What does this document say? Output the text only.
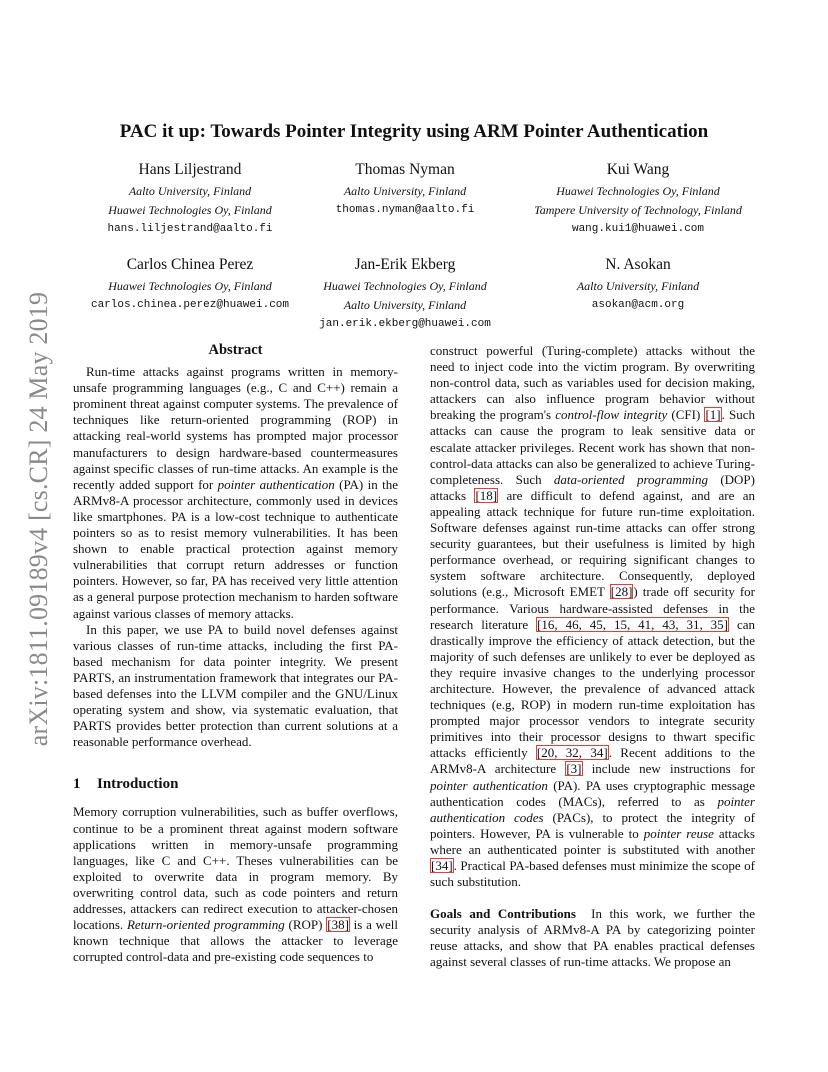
arXiv:1811.09189v4 [cs.CR] 24 May 2019
PAC it up: Towards Pointer Integrity using ARM Pointer Authentication
Hans Liljestrand
Aalto University, Finland
Huawei Technologies Oy, Finland
hans.liljestrand@aalto.fi
Thomas Nyman
Aalto University, Finland
thomas.nyman@aalto.fi
Kui Wang
Huawei Technologies Oy, Finland
Tampere University of Technology, Finland
wang.kui1@huawei.com
Carlos Chinea Perez
Huawei Technologies Oy, Finland
carlos.chinea.perez@huawei.com
Jan-Erik Ekberg
Huawei Technologies Oy, Finland
Aalto University, Finland
jan.erik.ekberg@huawei.com
N. Asokan
Aalto University, Finland
asokan@acm.org

Abstract

Run-time attacks against programs written in memory-unsafe programming languages (e.g., C and C++) remain a prominent threat against computer systems. The prevalence of techniques like return-oriented programming (ROP) in attacking real-world systems has prompted major processor manufacturers to design hardware-based countermeasures against specific classes of run-time attacks. An example is the recently added support for pointer authentication (PA) in the ARMv8-A processor architecture, commonly used in devices like smartphones. PA is a low-cost technique to authenticate pointers so as to resist memory vulnerabilities. It has been shown to enable practical protection against memory vulnerabilities that corrupt return addresses or function pointers. However, so far, PA has received very little attention as a general purpose protection mechanism to harden software against various classes of memory attacks.

In this paper, we use PA to build novel defenses against various classes of run-time attacks, including the first PA-based mechanism for data pointer integrity. We present PARTS, an instrumentation framework that integrates our PA-based defenses into the LLVM compiler and the GNU/Linux operating system and show, via systematic evaluation, that PARTS provides better protection than current solutions at a reasonable performance overhead.

1 Introduction

Memory corruption vulnerabilities, such as buffer overflows, continue to be a prominent threat against modern software applications written in memory-unsafe programming languages, like C and C++. Theses vulnerabilities can be exploited to overwrite data in program memory. By overwriting control data, such as code pointers and return addresses, attackers can redirect execution to attacker-chosen locations. Return-oriented programming (ROP) [38] is a well known technique that allows the attacker to leverage corrupted control-data and pre-existing code sequences to

construct powerful (Turing-complete) attacks without the need to inject code into the victim program. By overwriting non-control data, such as variables used for decision making, attackers can also influence program behavior without breaking the program's control-flow integrity (CFI) [1]. Such attacks can cause the program to leak sensitive data or escalate attacker privileges. Recent work has shown that non-control-data attacks can also be generalized to achieve Turing-completeness. Such data-oriented programming (DOP) attacks [18] are difficult to defend against, and are an appealing attack technique for future run-time exploitation. Software defenses against run-time attacks can offer strong security guarantees, but their usefulness is limited by high performance overhead, or requiring significant changes to system software architecture. Consequently, deployed solutions (e.g., Microsoft EMET [28]) trade off security for performance. Various hardware-assisted defenses in the research literature [16, 46, 45, 15, 41, 43, 31, 35] can drastically improve the efficiency of attack detection, but the majority of such defenses are unlikely to ever be deployed as they require invasive changes to the underlying processor architecture. However, the prevalence of advanced attack techniques (e.g, ROP) in modern run-time exploitation has prompted major processor vendors to integrate security primitives into their processor designs to thwart specific attacks efficiently [20, 32, 34]. Recent additions to the ARMv8-A architecture [3] include new instructions for pointer authentication (PA). PA uses cryptographic message authentication codes (MACs), referred to as pointer authentication codes (PACs), to protect the integrity of pointers. However, PA is vulnerable to pointer reuse attacks where an authenticated pointer is substituted with another [34]. Practical PA-based defenses must minimize the scope of such substitution.

Goals and Contributions In this work, we further the security analysis of ARMv8-A PA by categorizing pointer reuse attacks, and show that PA enables practical defenses against several classes of run-time attacks. We propose an
